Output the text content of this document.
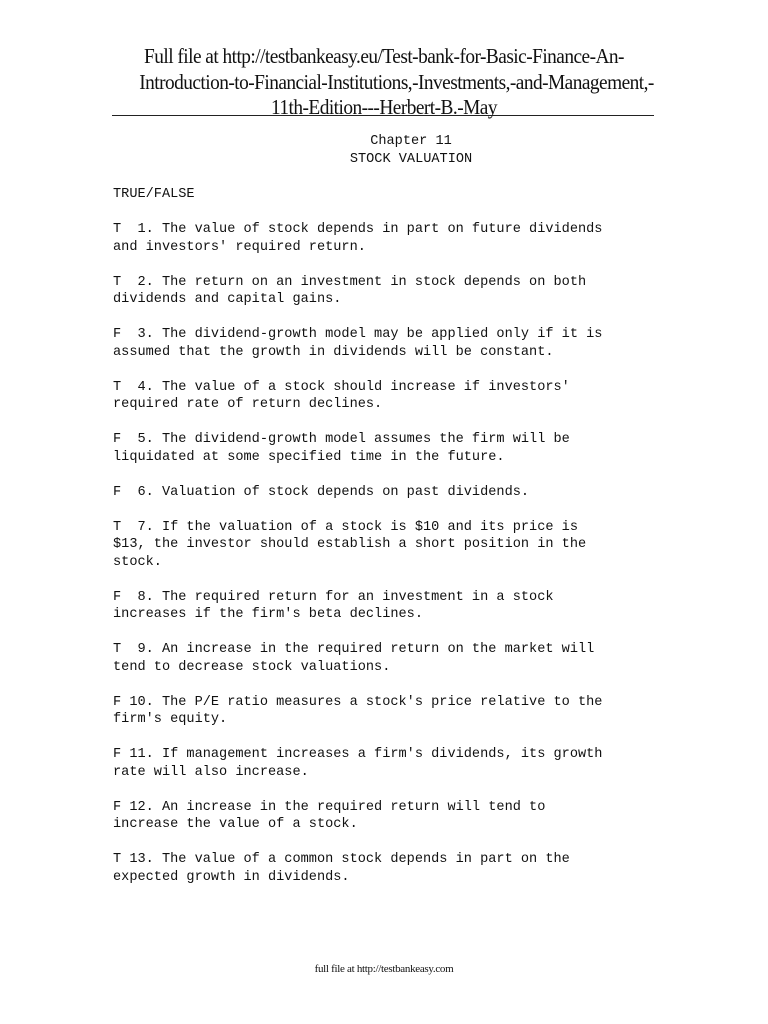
Full file at http://testbankeasy.eu/Test-bank-for-Basic-Finance-An-
Introduction-to-Financial-Institutions,-Investments,-and-Management,-
11th-Edition---Herbert-B.-May
Chapter 11
STOCK VALUATION
TRUE/FALSE
T  1. The value of stock depends in part on future dividends
and investors' required return.
T  2. The return on an investment in stock depends on both
dividends and capital gains.
F  3. The dividend-growth model may be applied only if it is
assumed that the growth in dividends will be constant.
T  4. The value of a stock should increase if investors'
required rate of return declines.
F  5. The dividend-growth model assumes the firm will be
liquidated at some specified time in the future.
F  6. Valuation of stock depends on past dividends.
T  7. If the valuation of a stock is $10 and its price is
$13, the investor should establish a short position in the
stock.
F  8. The required return for an investment in a stock
increases if the firm's beta declines.
T  9. An increase in the required return on the market will
tend to decrease stock valuations.
F 10. The P/E ratio measures a stock's price relative to the
firm's equity.
F 11. If management increases a firm's dividends, its growth
rate will also increase.
F 12. An increase in the required return will tend to
increase the value of a stock.
T 13. The value of a common stock depends in part on the
expected growth in dividends.
full file at http://testbankeasy.com
